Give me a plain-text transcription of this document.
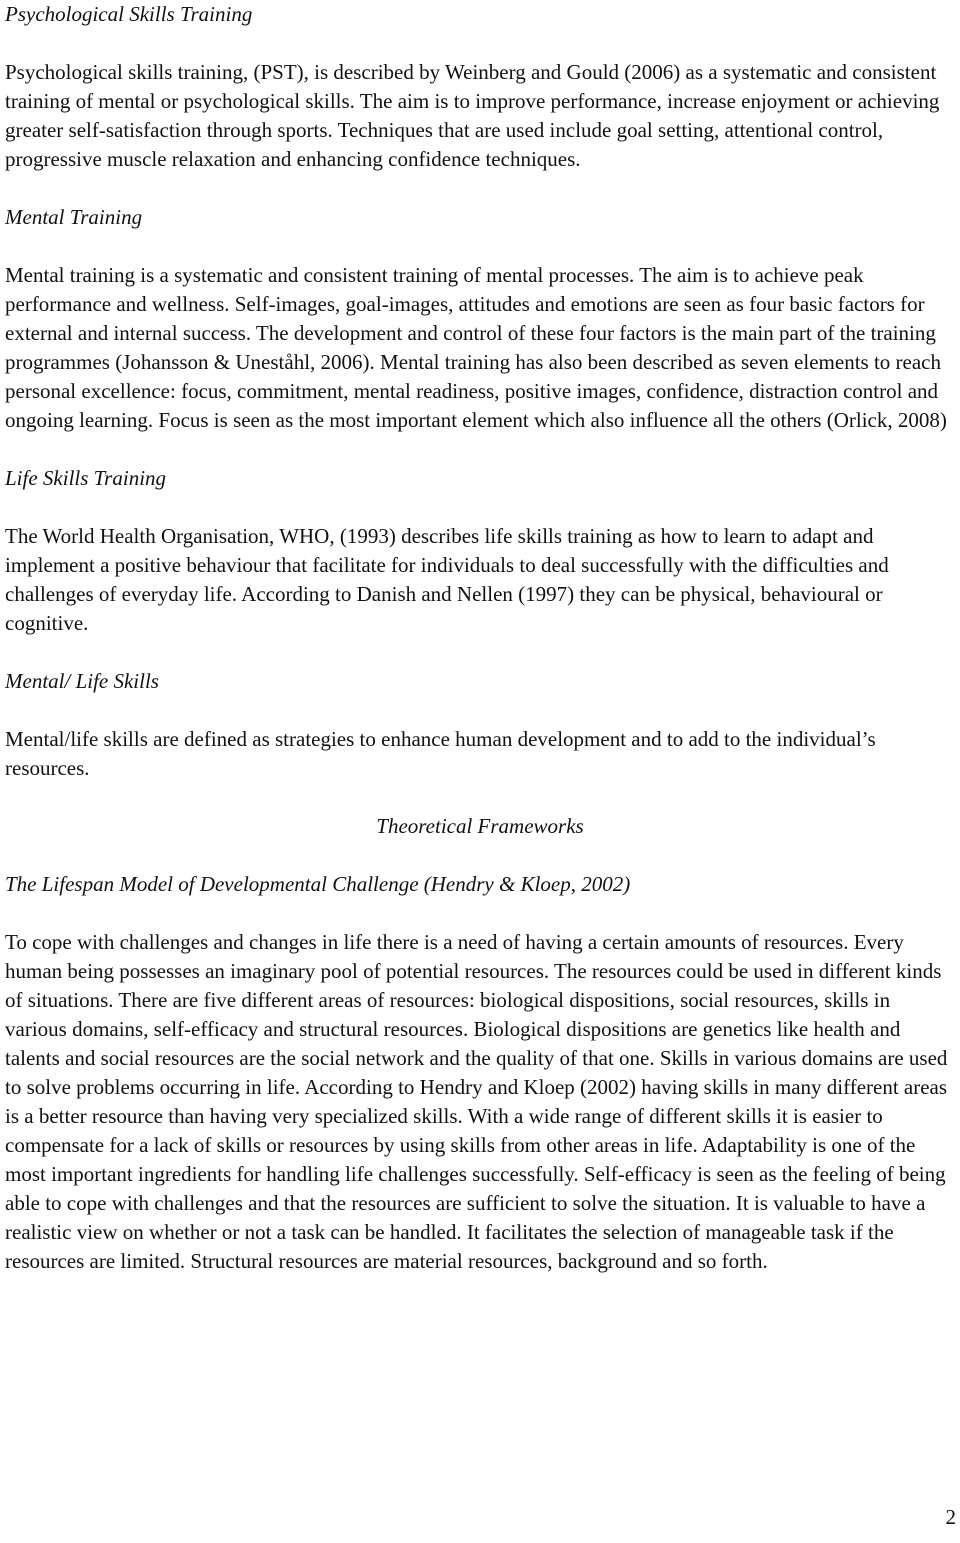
Psychological Skills Training

Psychological skills training, (PST), is described by Weinberg and Gould (2006) as a systematic and consistent training of mental or psychological skills. The aim is to improve performance, increase enjoyment or achieving greater self-satisfaction through sports. Techniques that are used include goal setting, attentional control, progressive muscle relaxation and enhancing confidence techniques.

Mental Training

Mental training is a systematic and consistent training of mental processes. The aim is to achieve peak performance and wellness. Self-images, goal-images, attitudes and emotions are seen as four basic factors for external and internal success. The development and control of these four factors is the main part of the training programmes (Johansson & Uneståhl, 2006). Mental training has also been described as seven elements to reach personal excellence: focus, commitment, mental readiness, positive images, confidence, distraction control and ongoing learning. Focus is seen as the most important element which also influence all the others (Orlick, 2008)

Life Skills Training

The World Health Organisation, WHO, (1993) describes life skills training as how to learn to adapt and implement a positive behaviour that facilitate for individuals to deal successfully with the difficulties and challenges of everyday life. According to Danish and Nellen (1997) they can be physical, behavioural or cognitive.

Mental/ Life Skills

Mental/life skills are defined as strategies to enhance human development and to add to the individual’s resources.

Theoretical Frameworks

The Lifespan Model of Developmental Challenge (Hendry & Kloep, 2002)

To cope with challenges and changes in life there is a need of having a certain amounts of resources. Every human being possesses an imaginary pool of potential resources. The resources could be used in different kinds of situations. There are five different areas of resources: biological dispositions, social resources, skills in various domains, self-efficacy and structural resources. Biological dispositions are genetics like health and talents and social resources are the social network and the quality of that one. Skills in various domains are used to solve problems occurring in life. According to Hendry and Kloep (2002) having skills in many different areas is a better resource than having very specialized skills. With a wide range of different skills it is easier to compensate for a lack of skills or resources by using skills from other areas in life. Adaptability is one of the most important ingredients for handling life challenges successfully. Self-efficacy is seen as the feeling of being able to cope with challenges and that the resources are sufficient to solve the situation. It is valuable to have a realistic view on whether or not a task can be handled. It facilitates the selection of manageable task if the resources are limited. Structural resources are material resources, background and so forth.

2
